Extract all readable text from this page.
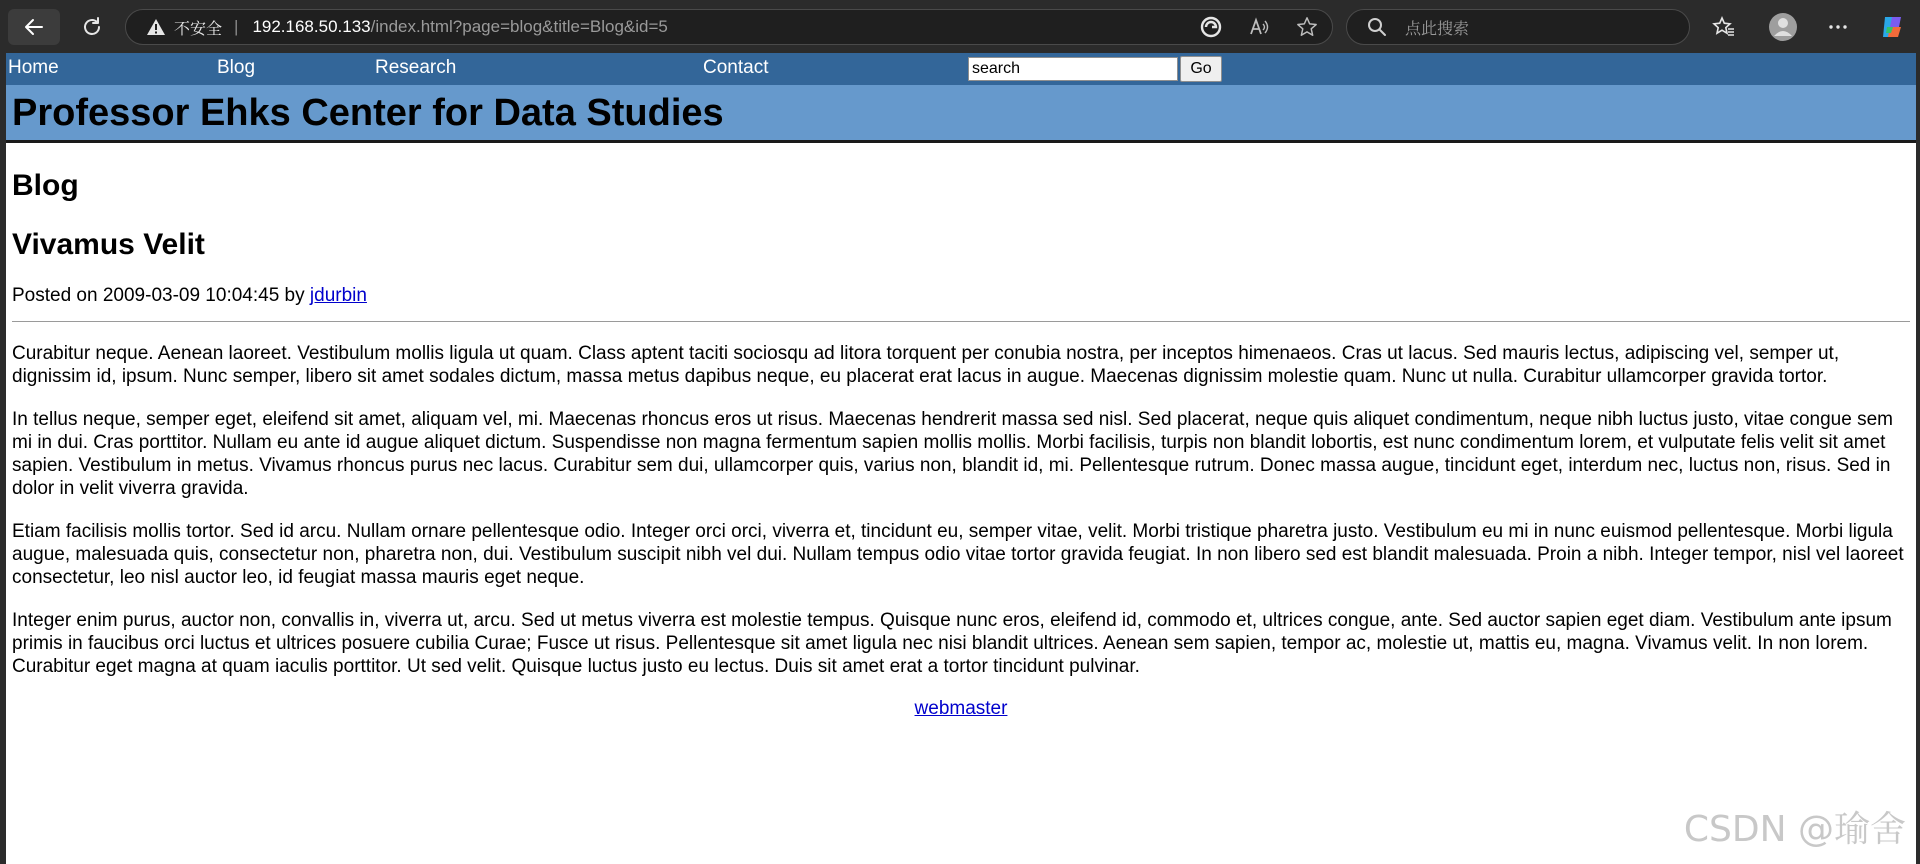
不安全 | 192.168.50.133 /index.html?page=blog&title=Blog&id=5	点此搜索
Home	Blog	Research	Contact
search	Go
Professor Ehks Center for Data Studies
Blog
Vivamus Velit
Posted on 2009-03-09 10:04:45 by jdurbin

Curabitur neque. Aenean laoreet. Vestibulum mollis ligula ut quam. Class aptent taciti sociosqu ad litora torquent per conubia nostra, per inceptos himenaeos. Cras ut lacus. Sed mauris lectus, adipiscing vel, semper ut, dignissim id, ipsum. Nunc semper, libero sit amet sodales dictum, massa metus dapibus neque, eu placerat erat lacus in augue. Maecenas dignissim molestie quam. Nunc ut nulla. Curabitur ullamcorper gravida tortor.

In tellus neque, semper eget, eleifend sit amet, aliquam vel, mi. Maecenas rhoncus eros ut risus. Maecenas hendrerit massa sed nisl. Sed placerat, neque quis aliquet condimentum, neque nibh luctus justo, vitae congue sem mi in dui. Cras porttitor. Nullam eu ante id augue aliquet dictum. Suspendisse non magna fermentum sapien mollis mollis. Morbi facilisis, turpis non blandit lobortis, est nunc condimentum lorem, et vulputate felis velit sit amet sapien. Vestibulum in metus. Vivamus rhoncus purus nec lacus. Curabitur sem dui, ullamcorper quis, varius non, blandit id, mi. Pellentesque rutrum. Donec massa augue, tincidunt eget, interdum nec, luctus non, risus. Sed in dolor in velit viverra gravida.

Etiam facilisis mollis tortor. Sed id arcu. Nullam ornare pellentesque odio. Integer orci orci, viverra et, tincidunt eu, semper vitae, velit. Morbi tristique pharetra justo. Vestibulum eu mi in nunc euismod pellentesque. Morbi ligula augue, malesuada quis, consectetur non, pharetra non, dui. Vestibulum suscipit nibh vel dui. Nullam tempus odio vitae tortor gravida feugiat. In non libero sed est blandit malesuada. Proin a nibh. Integer tempor, nisl vel laoreet consectetur, leo nisl auctor leo, id feugiat massa mauris eget neque.

Integer enim purus, auctor non, convallis in, viverra ut, arcu. Sed ut metus viverra est molestie tempus. Quisque nunc eros, eleifend id, commodo et, ultrices congue, ante. Sed auctor sapien eget diam. Vestibulum ante ipsum primis in faucibus orci luctus et ultrices posuere cubilia Curae; Fusce ut risus. Pellentesque sit amet ligula nec nisi blandit ultrices. Aenean sem sapien, tempor ac, molestie ut, mattis eu, magna. Vivamus velit. In non lorem. Curabitur eget magna at quam iaculis porttitor. Ut sed velit. Quisque luctus justo eu lectus. Duis sit amet erat a tortor tincidunt pulvinar.

webmaster
CSDN @瑜舍
